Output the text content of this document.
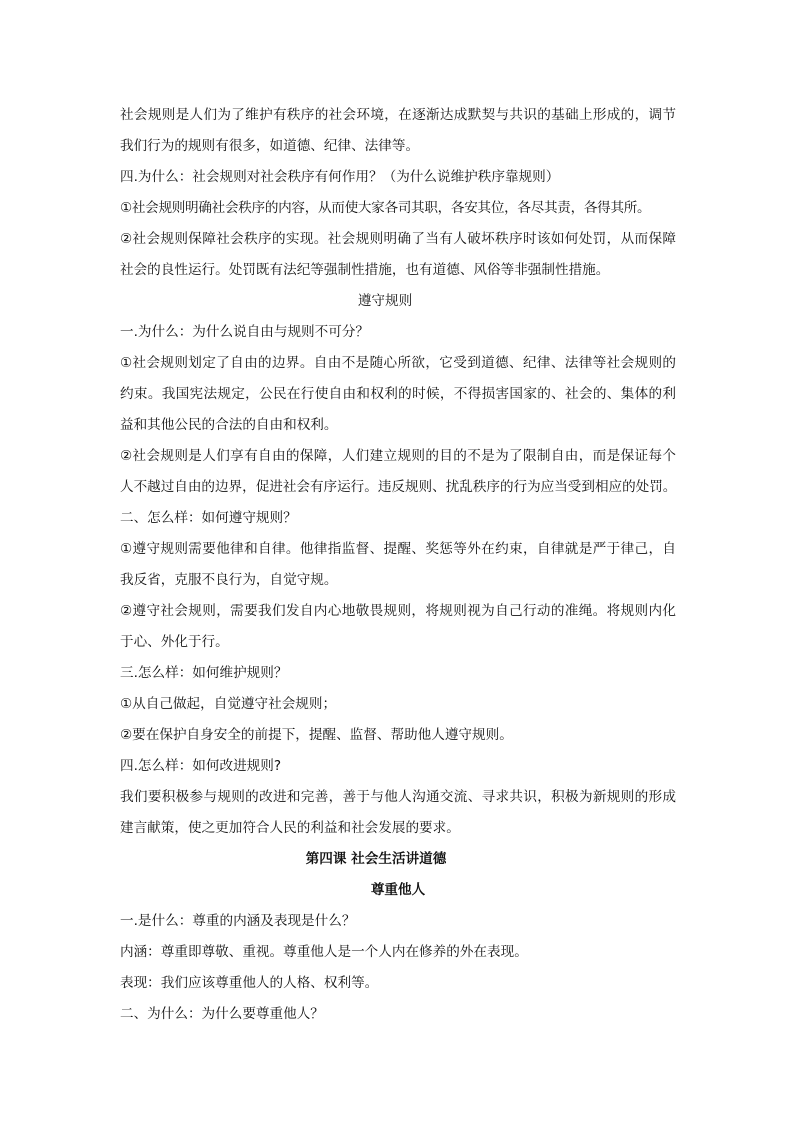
社会规则是人们为了维护有秩序的社会环境，在逐渐达成默契与共识的基础上形成的，调节
我们行为的规则有很多，如道德、纪律、法律等。
四.为什么：社会规则对社会秩序有何作用？（为什么说维护秩序靠规则）
①社会规则明确社会秩序的内容，从而使大家各司其职，各安其位，各尽其责，各得其所。
②社会规则保障社会秩序的实现。社会规则明确了当有人破坏秩序时该如何处罚，从而保障
社会的良性运行。处罚既有法纪等强制性措施，也有道德、风俗等非强制性措施。
遵守规则
一.为什么：为什么说自由与规则不可分？
①社会规则划定了自由的边界。自由不是随心所欲，它受到道德、纪律、法律等社会规则的
约束。我国宪法规定，公民在行使自由和权利的时候，不得损害国家的、社会的、集体的利
益和其他公民的合法的自由和权利。
②社会规则是人们享有自由的保障，人们建立规则的目的不是为了限制自由，而是保证每个
人不越过自由的边界，促进社会有序运行。违反规则、扰乱秩序的行为应当受到相应的处罚。
二、怎么样：如何遵守规则？
①遵守规则需要他律和自律。他律指监督、提醒、奖惩等外在约束，自律就是严于律己，自
我反省，克服不良行为，自觉守规。
②遵守社会规则，需要我们发自内心地敬畏规则，将规则视为自己行动的准绳。将规则内化
于心、外化于行。
三.怎么样：如何维护规则？
①从自己做起，自觉遵守社会规则；
②要在保护自身安全的前提下，提醒、监督、帮助他人遵守规则。
四.怎么样：如何改进规则?
我们要积极参与规则的改进和完善，善于与他人沟通交流、寻求共识，积极为新规则的形成
建言献策，使之更加符合人民的利益和社会发展的要求。
第四课 社会生活讲道德
尊重他人
一.是什么：尊重的内涵及表现是什么？
内涵：尊重即尊敬、重视。尊重他人是一个人内在修养的外在表现。
表现：我们应该尊重他人的人格、权利等。
二、为什么：为什么要尊重他人？
